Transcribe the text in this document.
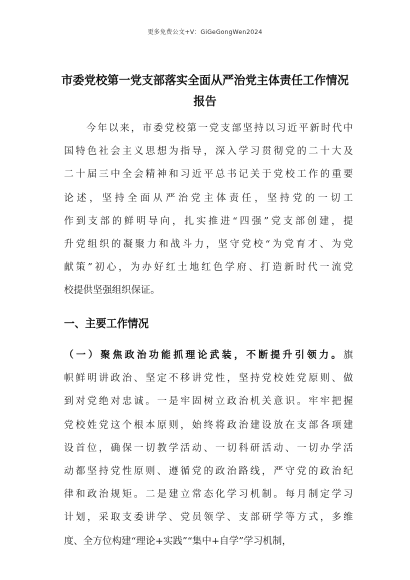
更多免费公文+V：GiGeGongWen2024
市委党校第一党支部落实全面从严治党主体责任工作情况
报告
　　今年以来，市委党校第一党支部坚持以习近平新时代中
国特色社会主义思想为指导，深入学习贯彻党的二十大及
二十届三中全会精神和习近平总书记关于党校工作的重要
论述，坚持全面从严治党主体责任，坚持党的一切工
作到支部的鲜明导向，扎实推进“四强”党支部创建，提
升党组织的凝聚力和战斗力，坚守党校“为党育才、为党
献策”初心，为办好红土地红色学府、打造新时代一流党
校提供坚强组织保证。
一、主要工作情况
（一）聚焦政治功能抓理论武装，不断提升引领力。旗
帜鲜明讲政治、坚定不移讲党性，坚持党校姓党原则、做
到对党绝对忠诚。一是牢固树立政治机关意识。牢牢把握
党校姓党这个根本原则，始终将政治建设放在支部各项建
设首位，确保一切教学活动、一切科研活动、一切办学活
动都坚持党性原则、遵循党的政治路线，严守党的政治纪
律和政治规矩。二是建立常态化学习机制。每月制定学习
计划，采取支委讲学、党员领学、支部研学等方式，多维
度、全方位构建“理论+实践”“集中+自学”学习机制，
